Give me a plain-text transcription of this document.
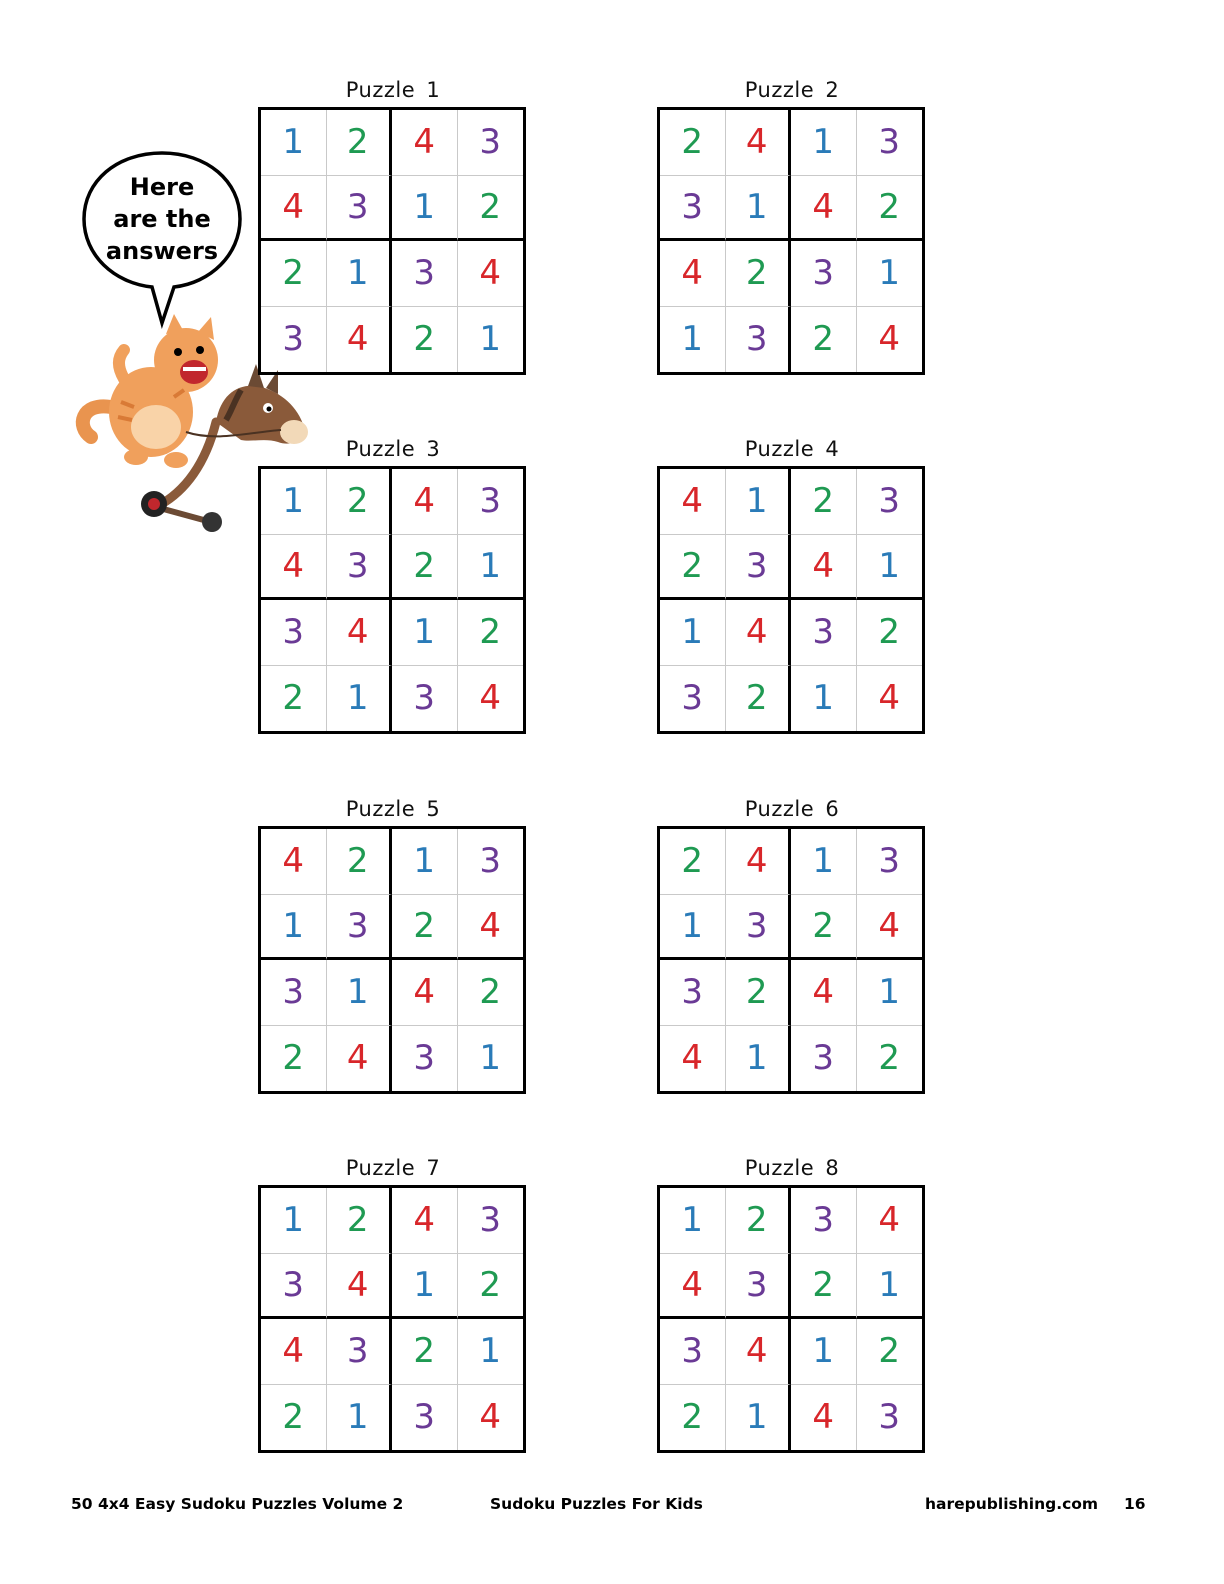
Here
are the
answers
Puzzle 1
1	2	4	3
4	3	1	2
2	1	3	4
3	4	2	1
Puzzle 2
2	4	1	3
3	1	4	2
4	2	3	1
1	3	2	4
Puzzle 3
1	2	4	3
4	3	2	1
3	4	1	2
2	1	3	4
Puzzle 4
4	1	2	3
2	3	4	1
1	4	3	2
3	2	1	4
Puzzle 5
4	2	1	3
1	3	2	4
3	1	4	2
2	4	3	1
Puzzle 6
2	4	1	3
1	3	2	4
3	2	4	1
4	1	3	2
Puzzle 7
1	2	4	3
3	4	1	2
4	3	2	1
2	1	3	4
Puzzle 8
1	2	3	4
4	3	2	1
3	4	1	2
2	1	4	3
50 4x4 Easy Sudoku Puzzles Volume 2	Sudoku Puzzles For Kids	harepublishing.com 16
